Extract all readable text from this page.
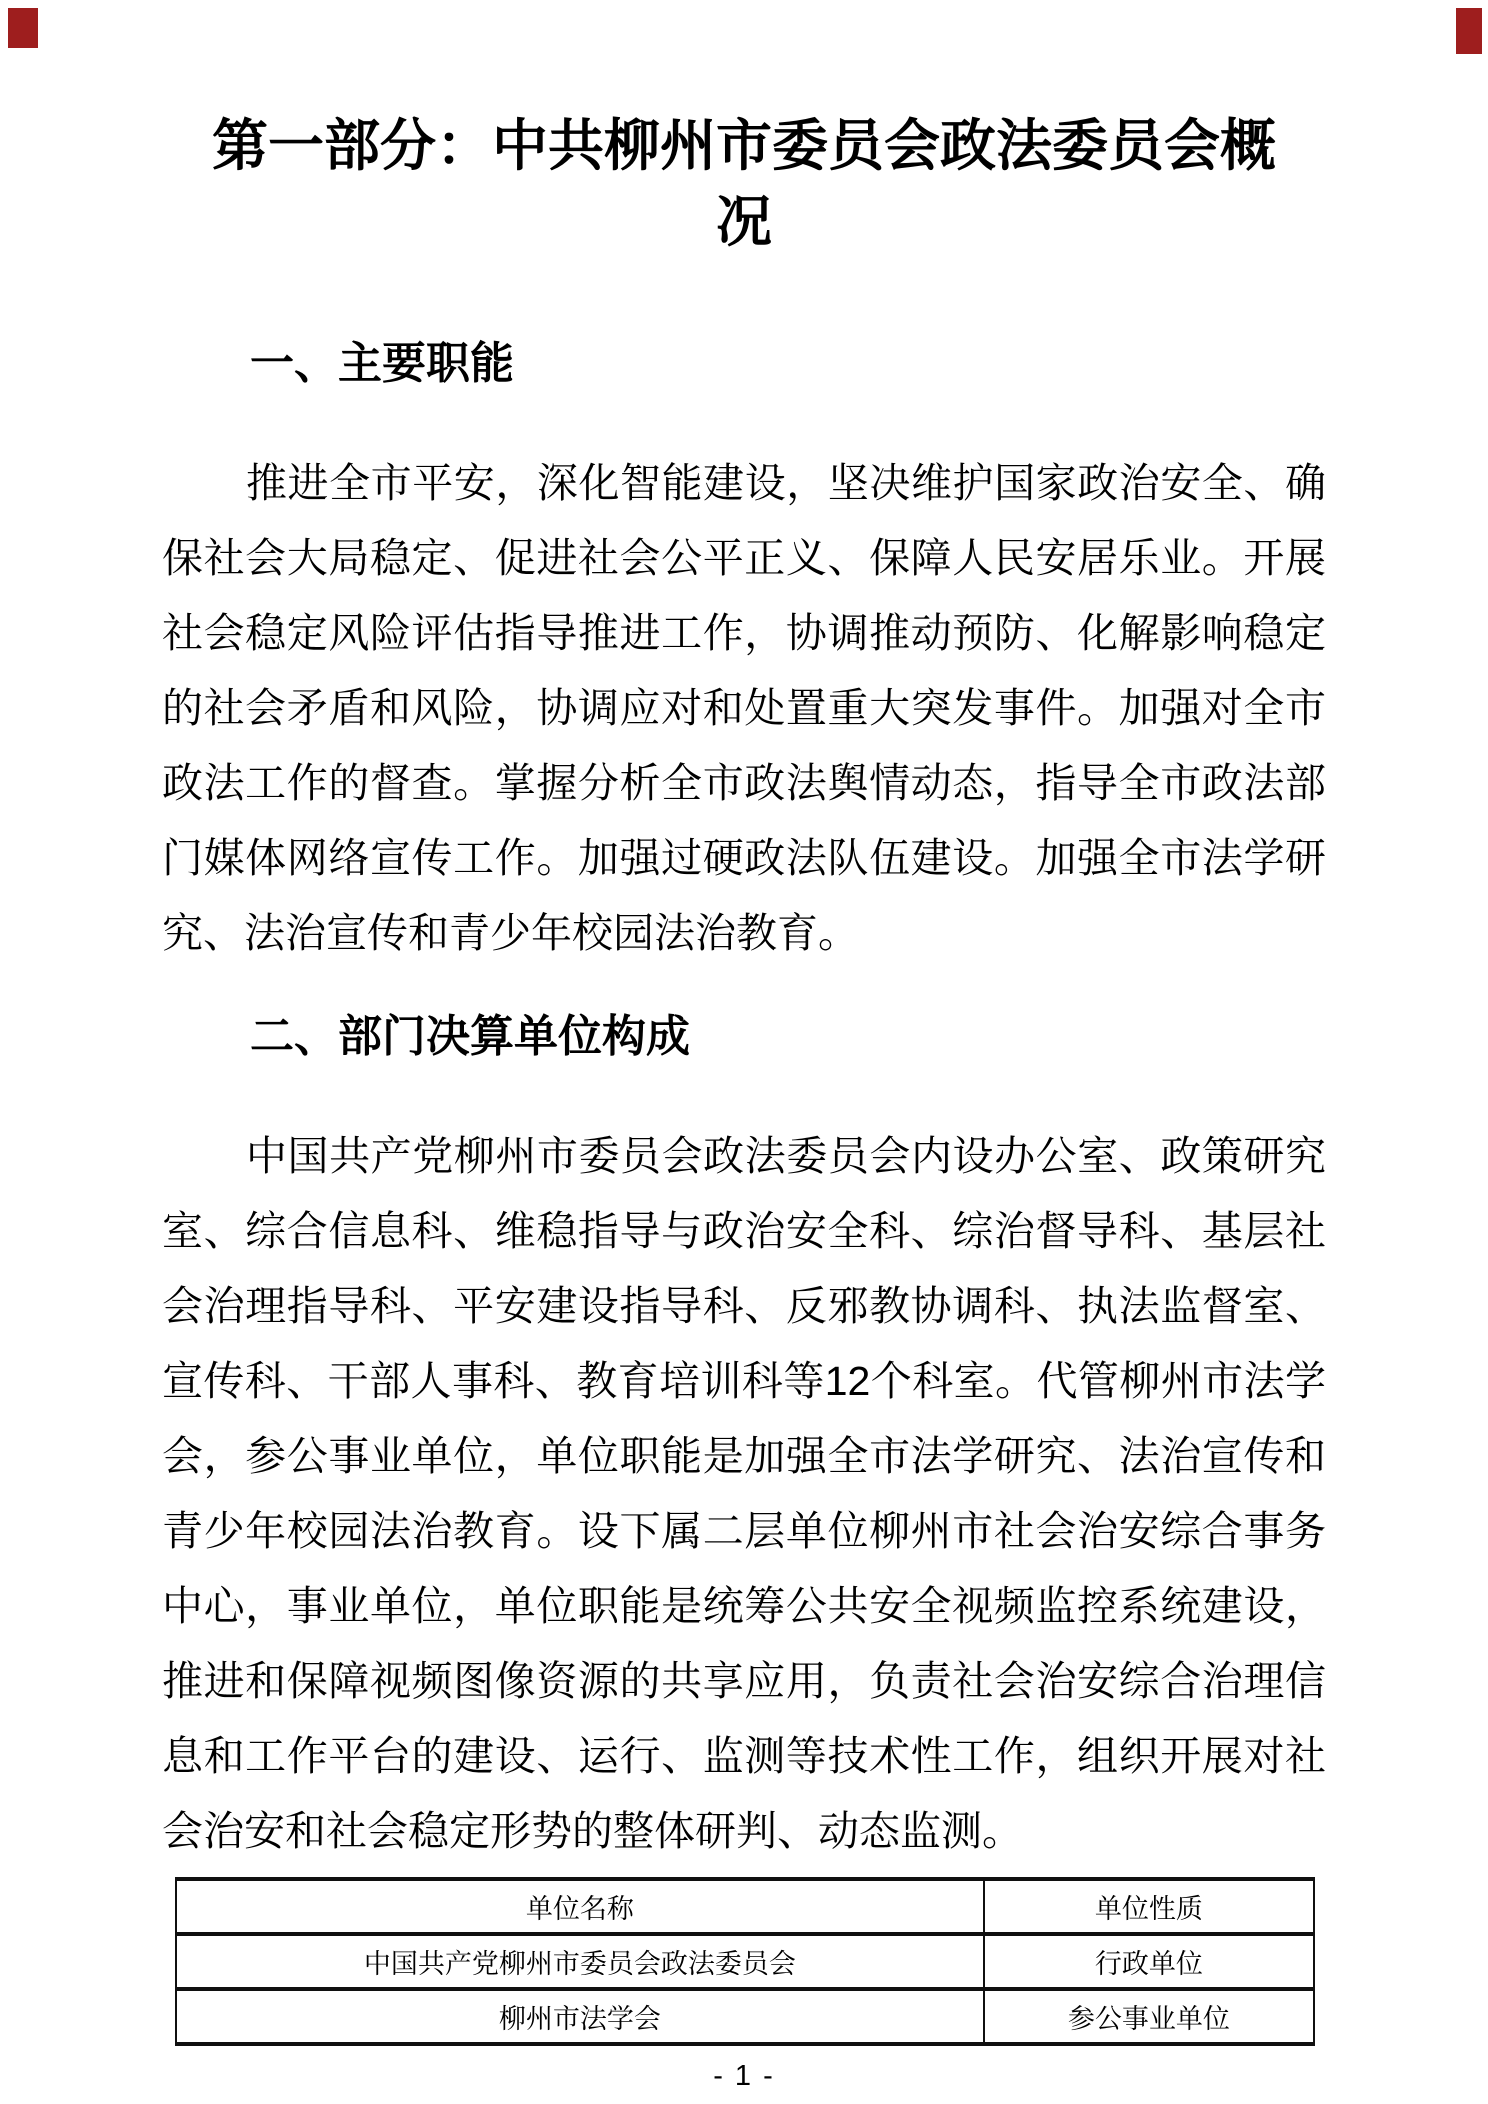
第一部分：中共柳州市委员会政法委员会概况
一、主要职能
推进全市平安，深化智能建设，坚决维护国家政治安全、确保社会大局稳定、促进社会公平正义、保障人民安居乐业。开展社会稳定风险评估指导推进工作，协调推动预防、化解影响稳定的社会矛盾和风险，协调应对和处置重大突发事件。加强对全市政法工作的督查。掌握分析全市政法舆情动态，指导全市政法部门媒体网络宣传工作。加强过硬政法队伍建设。加强全市法学研究、法治宣传和青少年校园法治教育。
二、部门决算单位构成
中国共产党柳州市委员会政法委员会内设办公室、政策研究室、综合信息科、维稳指导与政治安全科、综治督导科、基层社会治理指导科、平安建设指导科、反邪教协调科、执法监督室、宣传科、干部人事科、教育培训科等12个科室。代管柳州市法学会，参公事业单位，单位职能是加强全市法学研究、法治宣传和青少年校园法治教育。设下属二层单位柳州市社会治安综合事务中心，事业单位，单位职能是统筹公共安全视频监控系统建设，推进和保障视频图像资源的共享应用，负责社会治安综合治理信息和工作平台的建设、运行、监测等技术性工作，组织开展对社会治安和社会稳定形势的整体研判、动态监测。
单位名称	单位性质
中国共产党柳州市委员会政法委员会	行政单位
柳州市法学会	参公事业单位
- 1 -
